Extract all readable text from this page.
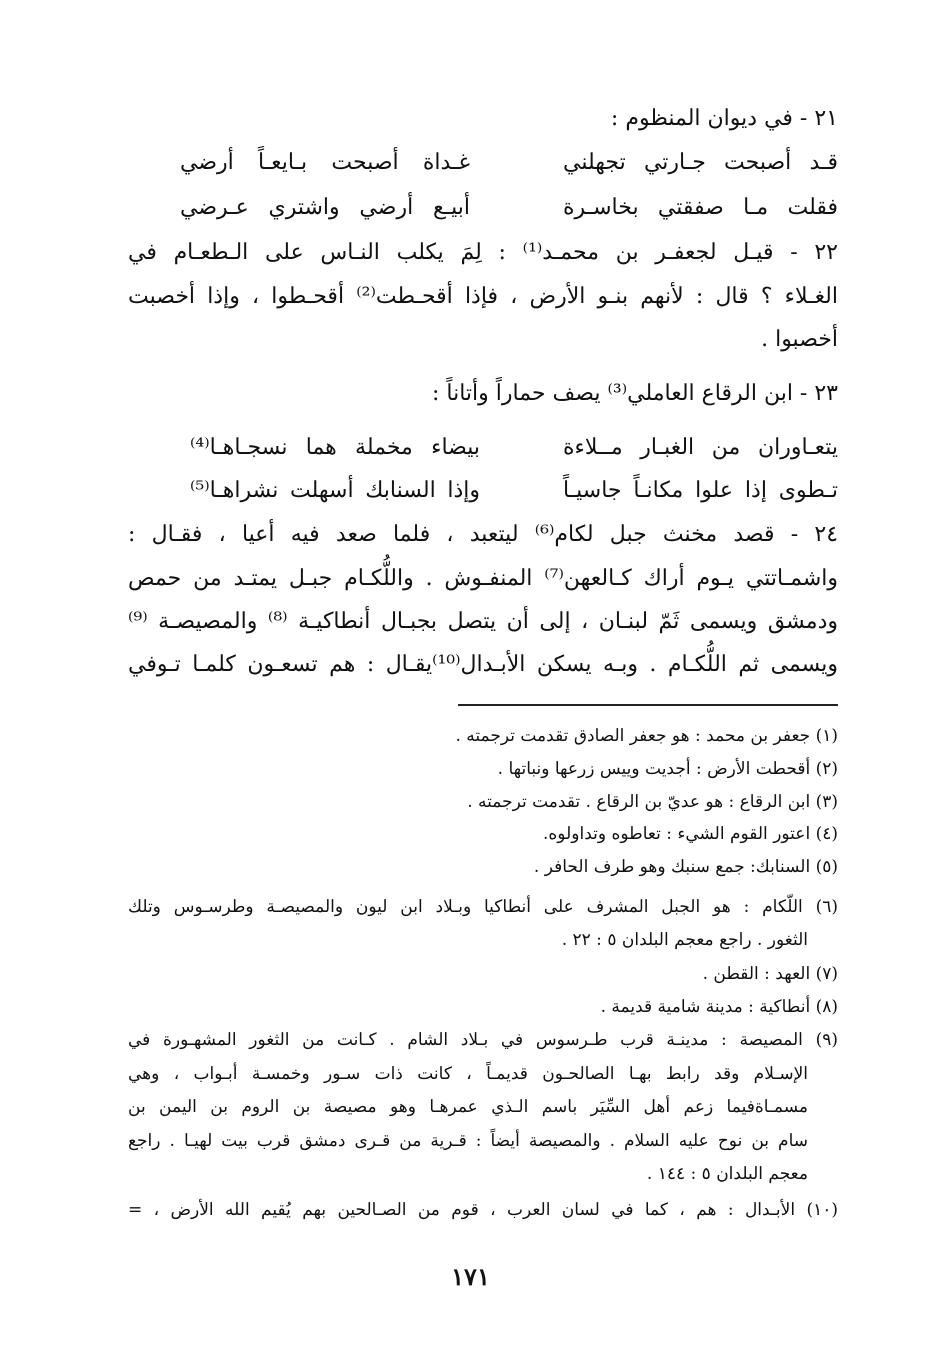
٢١ - في ديوان المنظوم :
قـد أصبحت جـارتي تجهلني
غـداة أصبحت بـايعـاً أرضي
فقلت مـا صفقتي بخاسـرة
أبيـع أرضي واشتري عـرضي
٢٢ - قيـل لجعفـر بن محمـد⁽¹⁾ : لِمَ يكلب النـاس على الـطعـام في
الغـلاء ؟ قال : لأنهم بنـو الأرض ، فإذا أقحـطت⁽²⁾ أقحـطوا ، وإذا أخصبت
أخصبوا .
٢٣ - ابن الرقاع العاملي⁽³⁾ يصف حماراً وأتاناً :
يتعـاوران من الغبـار مــلاءة
بيضاء مخملة هما نسجـاهـا⁽⁴⁾
تـطوى إذا علوا مكانـاً جاسيـاً
وإذا السنابك أسهلت نشراهـا⁽⁵⁾
٢٤ - قصد مخنث جبل لكام⁽⁶⁾ ليتعبد ، فلما صعد فيه أعيا ، فقـال :
واشمـاتتي يـوم أراك كـالعهن⁽⁷⁾ المنفـوش . واللُّكـام جبـل يمتـد من حمص
ودمشق ويسمى ثَمّ لبنـان ، إلى أن يتصل بجبـال أنطاكيـة ⁽⁸⁾ والمصيصـة ⁽⁹⁾
ويسمى ثم اللُّكـام . وبـه يسكن الأبـدال⁽¹⁰⁾يقـال : هم تسعـون كلمـا تـوفي
(١) جعفر بن محمد : هو جعفر الصادق تقدمت ترجمته .
(٢) أقحطت الأرض : أجديت وييس زرعها ونباتها .
(٣) ابن الرقاع : هو عديّ بن الرقاع . تقدمت ترجمته .
(٤) اعتور القوم الشيء : تعاطوه وتداولوه.
(٥) السنابك: جمع سنبك وهو طرف الحافر .
(٦) اللّكام : هو الجبل المشرف على أنطاكيا وبـلاد ابن ليون والمصيصـة وطرسـوس وتلك
الثغور . راجع معجم البلدان ٥ : ٢٢ .
(٧) العهد : القطن .
(٨) أنطاكية : مدينة شامية قديمة .
(٩) المصيصة : مدينـة قرب طـرسوس في بـلاد الشام . كـانت من الثغور المشهـورة في
الإسـلام وقد رابط بهـا الصالحـون قديمـاً ، كانت ذات سـور وخمسـة أبـواب ، وهي
مسمـاةفيما زعم أهل السِّيَر باسم الـذي عمرهـا وهو مصيصة بن الروم بن اليمن بن
سام بن نوح عليه السلام . والمصيصة أيضاً : قـرية من قـرى دمشق قرب بيت لهيـا . راجع
معجم البلدان ٥ : ١٤٤ .
(١٠) الأبـدال : هم ، كما في لسان العرب ، قوم من الصـالحين بهم يُقيم الله الأرض ، =
١٧١
